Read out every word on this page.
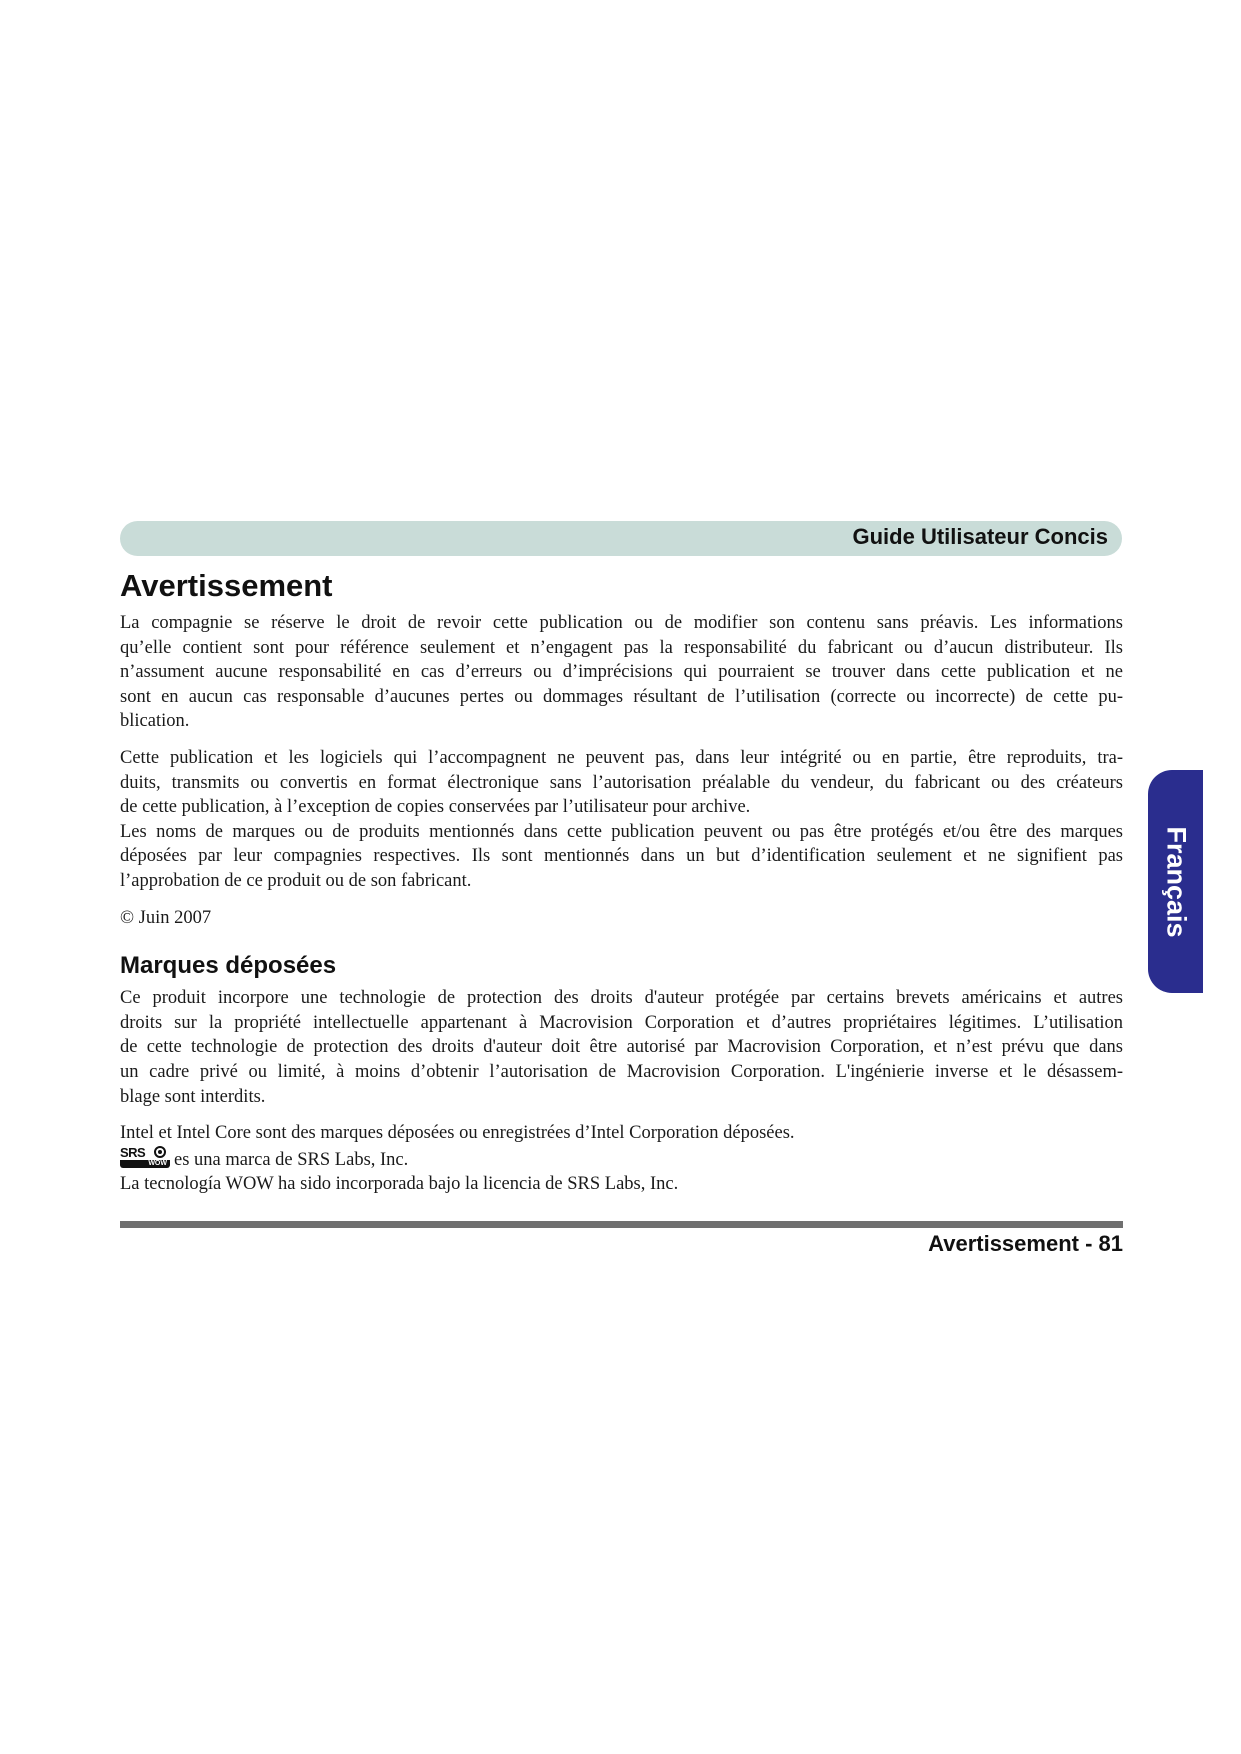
Guide Utilisateur Concis
Français
Avertissement

La compagnie se réserve le droit de revoir cette publication ou de modifier son contenu sans préavis. Les informations
qu’elle contient sont pour référence seulement et n’engagent pas la responsabilité du fabricant ou d’aucun distributeur. Ils
n’assument aucune responsabilité en cas d’erreurs ou d’imprécisions qui pourraient se trouver dans cette publication et ne
sont en aucun cas responsable d’aucunes pertes ou dommages résultant de l’utilisation (correcte ou incorrecte) de cette pu-
blication.

Cette publication et les logiciels qui l’accompagnent ne peuvent pas, dans leur intégrité ou en partie, être reproduits, tra-
duits, transmits ou convertis en format électronique sans l’autorisation préalable du vendeur, du fabricant ou des créateurs
de cette publication, à l’exception de copies conservées par l’utilisateur pour archive.

Les noms de marques ou de produits mentionnés dans cette publication peuvent ou pas être protégés et/ou être des marques
déposées par leur compagnies respectives. Ils sont mentionnés dans un but d’identification seulement et ne signifient pas
l’approbation de ce produit ou de son fabricant.

© Juin 2007

Marques déposées

Ce produit incorpore une technologie de protection des droits d'auteur protégée par certains brevets américains et autres
droits sur la propriété intellectuelle appartenant à Macrovision Corporation et d’autres propriétaires légitimes. L’utilisation
de cette technologie de protection des droits d'auteur doit être autorisé par Macrovision Corporation, et n’est prévu que dans
un cadre privé ou limité, à moins d’obtenir l’autorisation de Macrovision Corporation. L'ingénierie inverse et le désassem-
blage sont interdits.

Intel et Intel Core sont des marques déposées ou enregistrées d’Intel Corporation déposées.
SRS
WOW es una marca de SRS Labs, Inc.
La tecnología WOW ha sido incorporada bajo la licencia de SRS Labs, Inc.

Avertissement - 81
